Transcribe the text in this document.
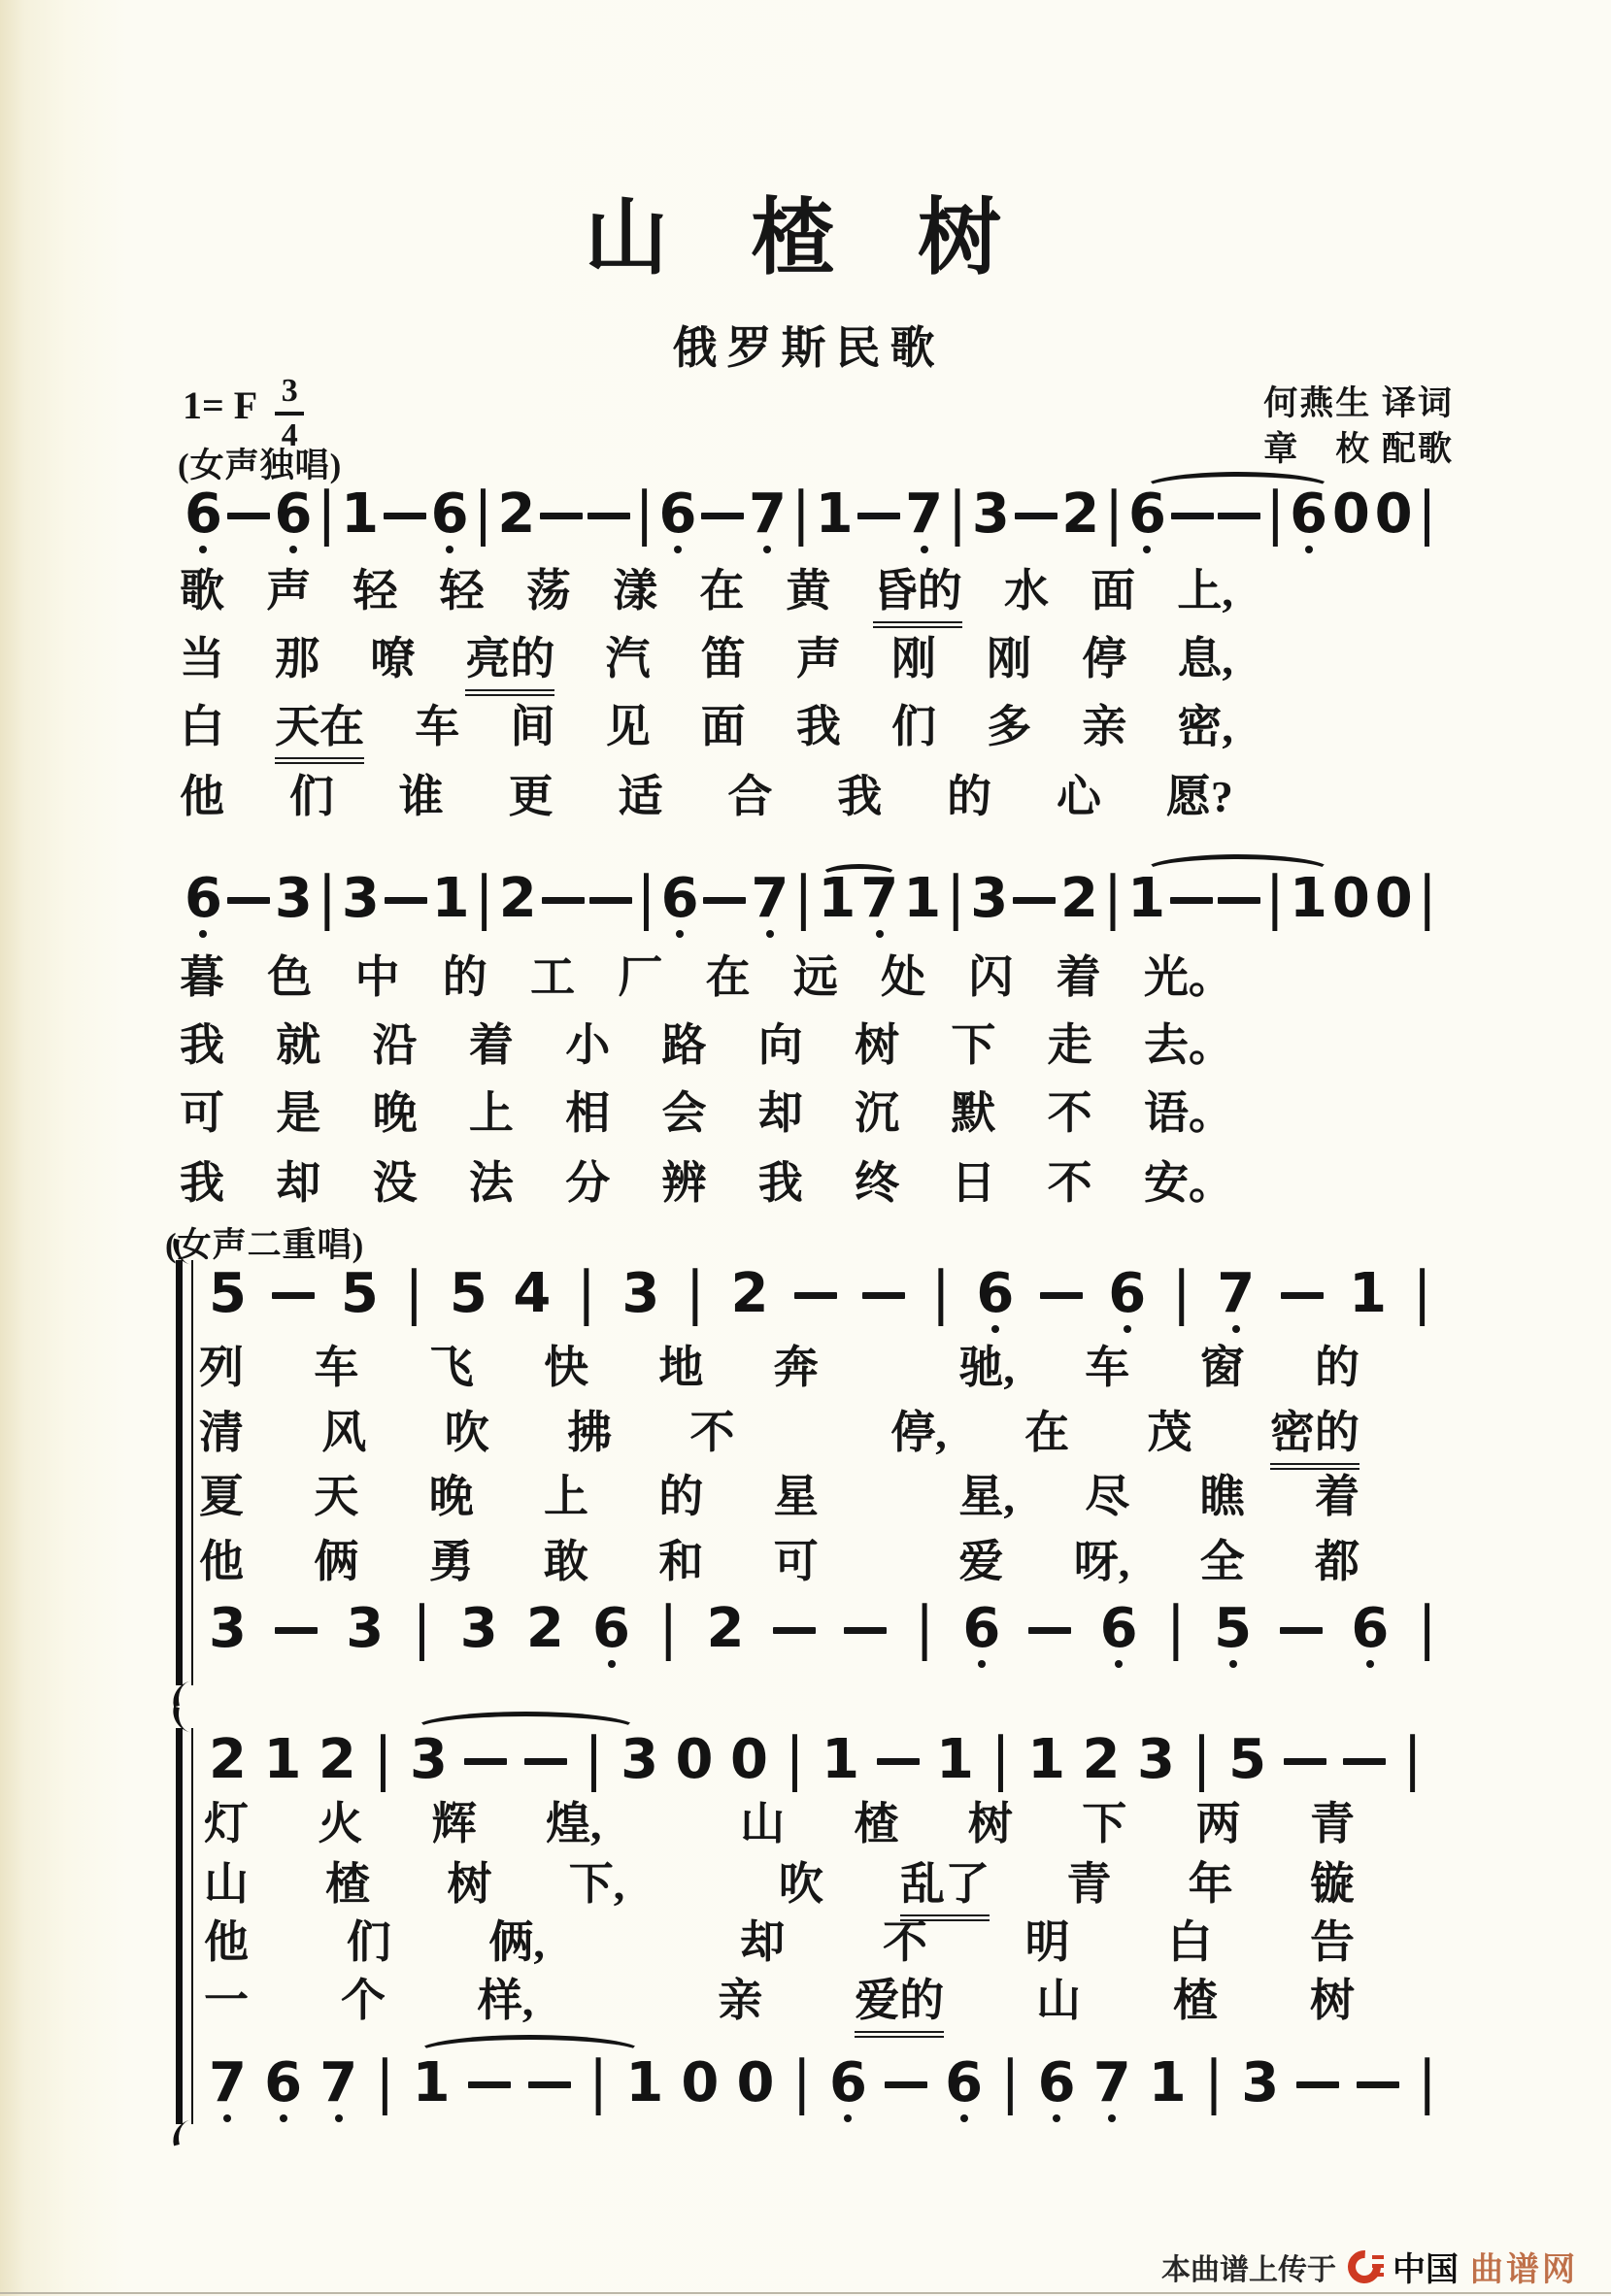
山 楂 树
俄罗斯民歌
1= F 3
4
何燕生 译词
章　枚 配歌
(女声独唱)
6 6 | 1 6 | 2 | 6 7 | 1 7 | 3 2 | 6 | 6 0 0 |
歌 声 轻 轻 荡 漾 在 黄 昏的 水 面 上,
当 那 嘹 亮的 汽 笛 声 刚 刚 停 息,
白 天在 车 间 见 面 我 们 多 亲 密,
他 们 谁 更 适 合 我 的 心 愿?
6 3 | 3 1 | 2 | 6 7 | 1 7 1 | 3 2 | 1 | 1 0 0 |
暮 色 中 的 工 厂 在 远 处 闪 着 光。
我 就 沿 着 小 路 向 树 下 走 去。
可 是 晚 上 相 会 却 沉 默 不 语。
我 却 没 法 分 辨 我 终 日 不 安。
(女声二重唱)
5 5 | 5 4 | 3 | 2	| 6 6 | 7 1 |
列 车 飞 快 地 奔	驰, 车 窗 的
清 风 吹 拂 不	停, 在 茂 密的
夏 天 晚 上 的 星	星, 尽 瞧 着
他 俩 勇 敢 和 可	爱 呀, 全 都
3 3 | 3 2 6 | 2	| 6 6 | 5 6 |
2 1 2 | 3 | 3 0 0 | 1 1 | 1 2 3 | 5 |
灯 火 辉 煌,	山 楂 树 下 两 青
山 楂 树 下,	吹 乱了 青 年 镟
他 们 俩,	却 不 明 白 告
一 个 样,	亲 爱的 山 楂 树
7 6 7 | 1 | 1 0 0 | 6 6 | 6 7 1 | 3 |
本曲谱上传于 中国 曲谱网
